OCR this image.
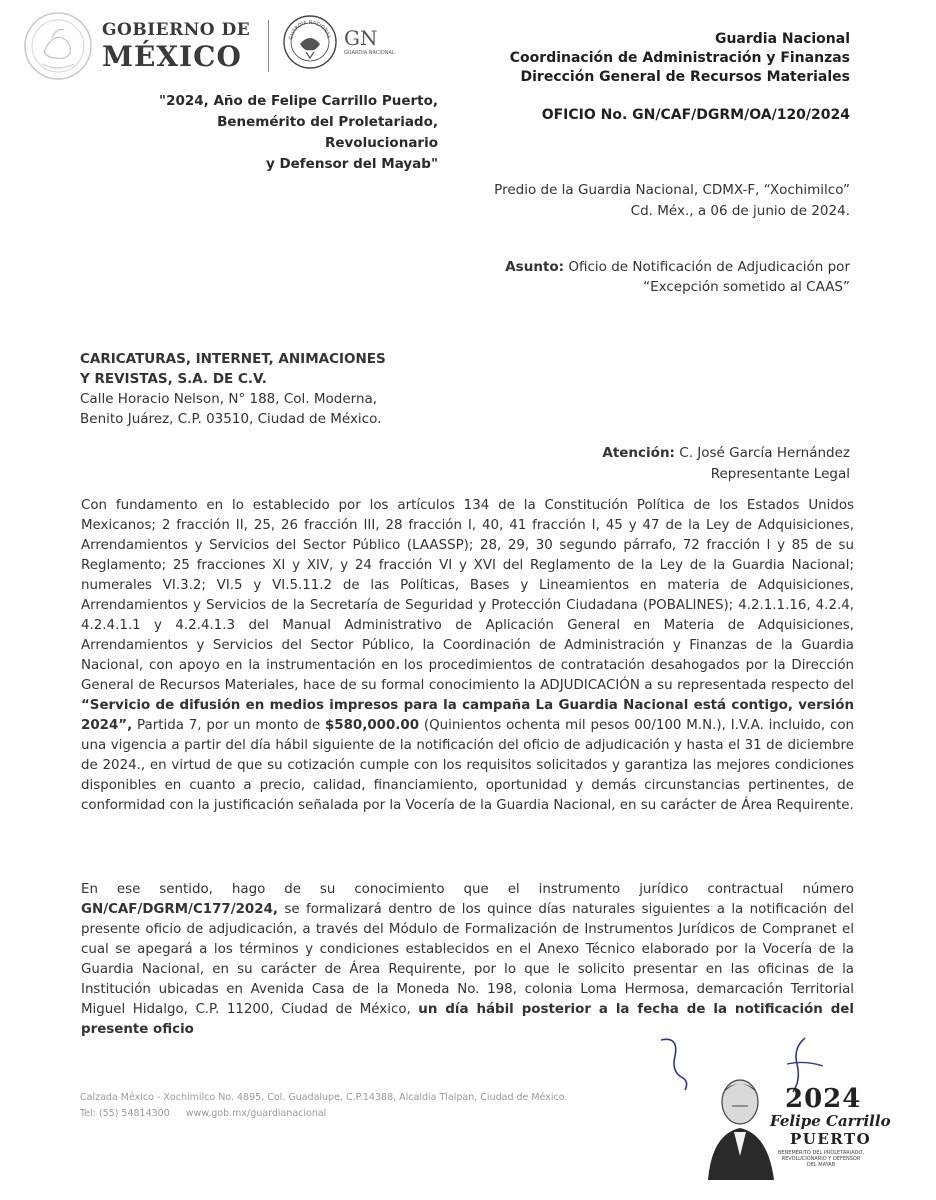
GOBIERNO DE
MÉXICO
GUARDIA NACIONAL GN
GUARDIA NACIONAL
Guardia Nacional
Coordinación de Administración y Finanzas
Dirección General de Recursos Materiales
"2024, Año de Felipe Carrillo Puerto,
Benemérito del Proletariado, Revolucionario
y Defensor del Mayab"
OFICIO No. GN/CAF/DGRM/OA/120/2024
Predio de la Guardia Nacional, CDMX-F, “Xochimilco”
Cd. Méx., a 06 de junio de 2024.
Asunto: Oficio de Notificación de Adjudicación por
“Excepción sometido al CAAS”
CARICATURAS, INTERNET, ANIMACIONES
Y REVISTAS, S.A. DE C.V.
Calle Horacio Nelson, N° 188, Col. Moderna,
Benito Juárez, C.P. 03510, Ciudad de México.
Atención: C. José García Hernández
Representante Legal
Con fundamento en lo establecido por los artículos 134 de la Constitución Política de los Estados Unidos Mexicanos; 2 fracción II, 25, 26 fracción III, 28 fracción I, 40, 41 fracción I, 45 y 47 de la Ley de Adquisiciones, Arrendamientos y Servicios del Sector Público (LAASSP); 28, 29, 30 segundo párrafo, 72 fracción I y 85 de su Reglamento; 25 fracciones XI y XIV, y 24 fracción VI y XVI del Reglamento de la Ley de la Guardia Nacional; numerales VI.3.2; VI.5 y VI.5.11.2 de las Políticas, Bases y Lineamientos en materia de Adquisiciones, Arrendamientos y Servicios de la Secretaría de Seguridad y Protección Ciudadana (POBALINES); 4.2.1.1.16, 4.2.4, 4.2.4.1.1 y 4.2.4.1.3 del Manual Administrativo de Aplicación General en Materia de Adquisiciones, Arrendamientos y Servicios del Sector Público, la Coordinación de Administración y Finanzas de la Guardia Nacional, con apoyo en la instrumentación en los procedimientos de contratación desahogados por la Dirección General de Recursos Materiales, hace de su formal conocimiento la ADJUDICACIÓN a su representada respecto del “Servicio de difusión en medios impresos para la campaña La Guardia Nacional está contigo, versión 2024”, Partida 7, por un monto de $580,000.00 (Quinientos ochenta mil pesos 00/100 M.N.), I.V.A. incluido, con una vigencia a partir del día hábil siguiente de la notificación del oficio de adjudicación y hasta el 31 de diciembre de 2024., en virtud de que su cotización cumple con los requisitos solicitados y garantiza las mejores condiciones disponibles en cuanto a precio, calidad, financiamiento, oportunidad y demás circunstancias pertinentes, de conformidad con la justificación señalada por la Vocería de la Guardia Nacional, en su carácter de Área Requirente.
En ese sentido, hago de su conocimiento que el instrumento jurídico contractual número GN/CAF/DGRM/C177/2024, se formalizará dentro de los quince días naturales siguientes a la notificación del presente oficio de adjudicación, a través del Módulo de Formalización de Instrumentos Jurídicos de Compranet el cual se apegará a los términos y condiciones establecidos en el Anexo Técnico elaborado por la Vocería de la Guardia Nacional, en su carácter de Área Requirente, por lo que le solicito presentar en las oficinas de la Institución ubicadas en Avenida Casa de la Moneda No. 198, colonia Loma Hermosa, demarcación Territorial Miguel Hidalgo, C.P. 11200, Ciudad de México, un día hábil posterior a la fecha de la notificación del presente oficio
Calzada México - Xochimilco No. 4895, Col. Guadalupe, C.P.14388, Alcaldía Tlalpan, Ciudad de México.
Tel: (55) 54814300 www.gob.mx/guardianacional	2024
Felipe Carrillo
PUERTO
BENEMÉRITO DEL PROLETARIADO, REVOLUCIONARIO Y DEFENSOR DEL MAYAB
